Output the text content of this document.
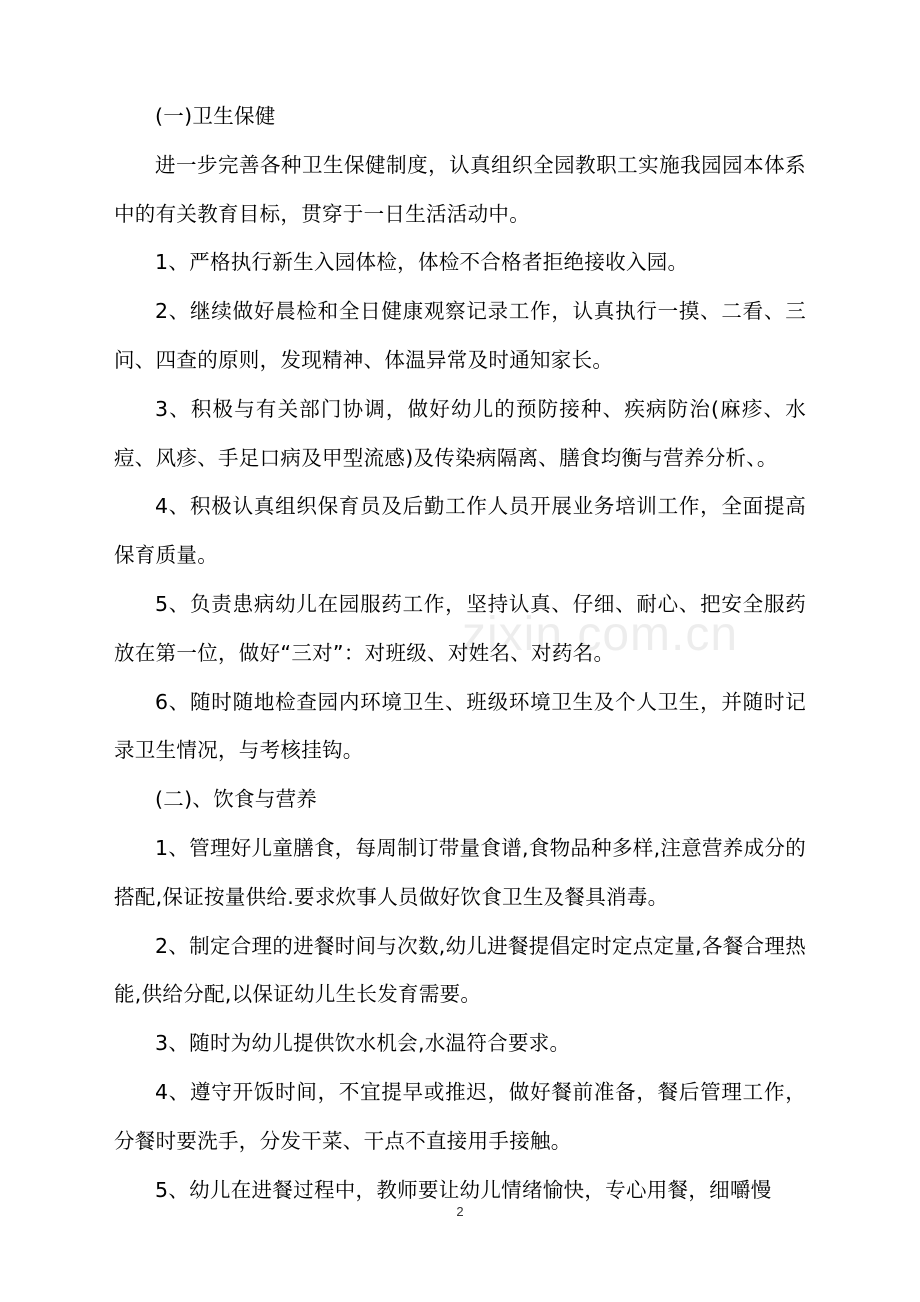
(一)卫生保健

进一步完善各种卫生保健制度，认真组织全园教职工实施我园园本体系中的有关教育目标，贯穿于一日生活活动中。

1、严格执行新生入园体检，体检不合格者拒绝接收入园。

2、继续做好晨检和全日健康观察记录工作，认真执行一摸、二看、三问、四查的原则，发现精神、体温异常及时通知家长。

3、积极与有关部门协调，做好幼儿的预防接种、疾病防治(麻疹、水痘、风疹、手足口病及甲型流感)及传染病隔离、膳食均衡与营养分析、。

4、积极认真组织保育员及后勤工作人员开展业务培训工作，全面提高保育质量。

5、负责患病幼儿在园服药工作，坚持认真、仔细、耐心、把安全服药放在第一位，做好“三对”：对班级、对姓名、对药名。

6、随时随地检查园内环境卫生、班级环境卫生及个人卫生，并随时记录卫生情况，与考核挂钩。

(二)、饮食与营养

1、管理好儿童膳食，每周制订带量食谱,食物品种多样,注意营养成分的搭配,保证按量供给.要求炊事人员做好饮食卫生及餐具消毒。

2、制定合理的进餐时间与次数,幼儿进餐提倡定时定点定量,各餐合理热能,供给分配,以保证幼儿生长发育需要。

3、随时为幼儿提供饮水机会,水温符合要求。

4、遵守开饭时间，不宜提早或推迟，做好餐前准备，餐后管理工作，分餐时要洗手，分发干菜、干点不直接用手接触。

5、幼儿在进餐过程中，教师要让幼儿情绪愉快，专心用餐，细嚼慢

zixin.com.cn
2
